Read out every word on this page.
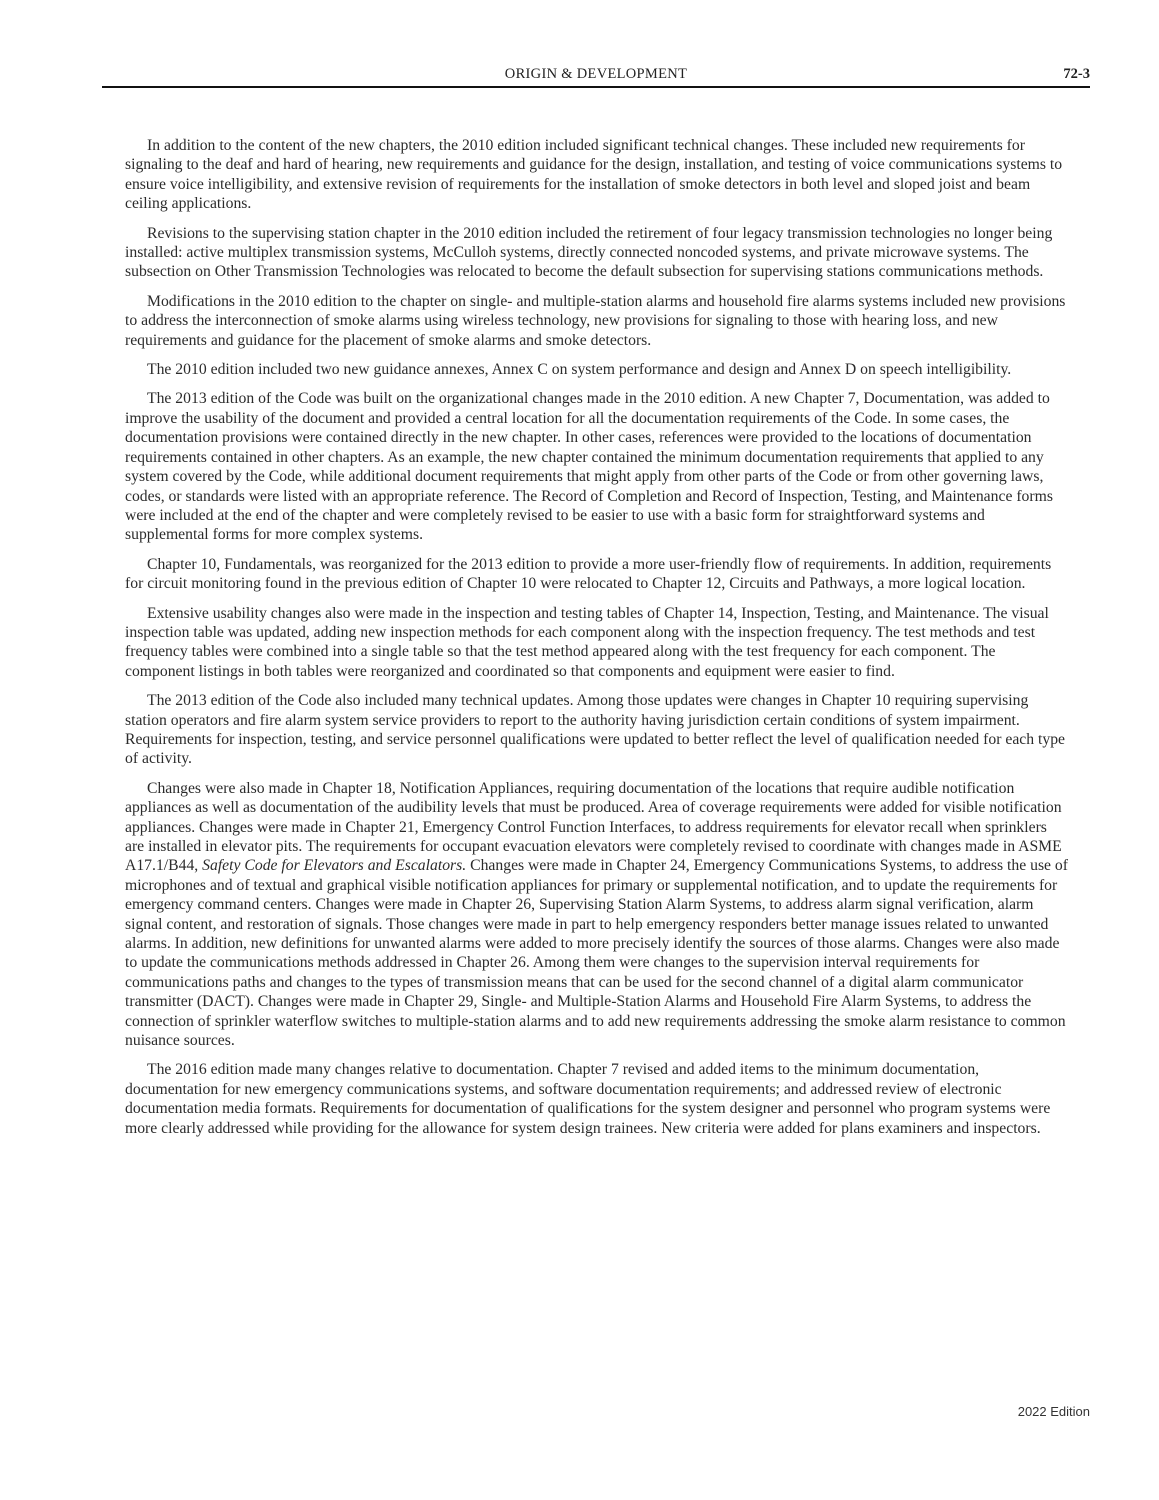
ORIGIN & DEVELOPMENT	72-3

In addition to the content of the new chapters, the 2010 edition included significant technical changes. These included new requirements for signaling to the deaf and hard of hearing, new requirements and guidance for the design, installation, and testing of voice communications systems to ensure voice intelligibility, and extensive revision of requirements for the installation of smoke detectors in both level and sloped joist and beam ceiling applications.

Revisions to the supervising station chapter in the 2010 edition included the retirement of four legacy transmission technologies no longer being installed: active multiplex transmission systems, McCulloh systems, directly connected noncoded systems, and private microwave systems. The subsection on Other Transmission Technologies was relocated to become the default subsection for supervising stations communications methods.

Modifications in the 2010 edition to the chapter on single- and multiple-station alarms and household fire alarms systems included new provisions to address the interconnection of smoke alarms using wireless technology, new provisions for signaling to those with hearing loss, and new requirements and guidance for the placement of smoke alarms and smoke detectors.

The 2010 edition included two new guidance annexes, Annex C on system performance and design and Annex D on speech intelligibility.

The 2013 edition of the Code was built on the organizational changes made in the 2010 edition. A new Chapter 7, Documentation, was added to improve the usability of the document and provided a central location for all the documentation requirements of the Code. In some cases, the documentation provisions were contained directly in the new chapter. In other cases, references were provided to the locations of documentation requirements contained in other chapters. As an example, the new chapter contained the minimum documentation requirements that applied to any system covered by the Code, while additional document requirements that might apply from other parts of the Code or from other governing laws, codes, or standards were listed with an appropriate reference. The Record of Completion and Record of Inspection, Testing, and Maintenance forms were included at the end of the chapter and were completely revised to be easier to use with a basic form for straightforward systems and supplemental forms for more complex systems.

Chapter 10, Fundamentals, was reorganized for the 2013 edition to provide a more user-friendly flow of requirements. In addition, requirements for circuit monitoring found in the previous edition of Chapter 10 were relocated to Chapter 12, Circuits and Pathways, a more logical location.

Extensive usability changes also were made in the inspection and testing tables of Chapter 14, Inspection, Testing, and Maintenance. The visual inspection table was updated, adding new inspection methods for each component along with the inspection frequency. The test methods and test frequency tables were combined into a single table so that the test method appeared along with the test frequency for each component. The component listings in both tables were reorganized and coordinated so that components and equipment were easier to find.

The 2013 edition of the Code also included many technical updates. Among those updates were changes in Chapter 10 requiring supervising station operators and fire alarm system service providers to report to the authority having jurisdiction certain conditions of system impairment. Requirements for inspection, testing, and service personnel qualifications were updated to better reflect the level of qualification needed for each type of activity.

Changes were also made in Chapter 18, Notification Appliances, requiring documentation of the locations that require audible notification appliances as well as documentation of the audibility levels that must be produced. Area of coverage requirements were added for visible notification appliances. Changes were made in Chapter 21, Emergency Control Function Interfaces, to address requirements for elevator recall when sprinklers are installed in elevator pits. The requirements for occupant evacuation elevators were completely revised to coordinate with changes made in ASME A17.1/B44, Safety Code for Elevators and Escalators. Changes were made in Chapter 24, Emergency Communications Systems, to address the use of microphones and of textual and graphical visible notification appliances for primary or supplemental notification, and to update the requirements for emergency command centers. Changes were made in Chapter 26, Supervising Station Alarm Systems, to address alarm signal verification, alarm signal content, and restoration of signals. Those changes were made in part to help emergency responders better manage issues related to unwanted alarms. In addition, new definitions for unwanted alarms were added to more precisely identify the sources of those alarms. Changes were also made to update the communications methods addressed in Chapter 26. Among them were changes to the supervision interval requirements for communications paths and changes to the types of transmission means that can be used for the second channel of a digital alarm communicator transmitter (DACT). Changes were made in Chapter 29, Single- and Multiple-Station Alarms and Household Fire Alarm Systems, to address the connection of sprinkler waterflow switches to multiple-station alarms and to add new requirements addressing the smoke alarm resistance to common nuisance sources.

The 2016 edition made many changes relative to documentation. Chapter 7 revised and added items to the minimum documentation, documentation for new emergency communications systems, and software documentation requirements; and addressed review of electronic documentation media formats. Requirements for documentation of qualifications for the system designer and personnel who program systems were more clearly addressed while providing for the allowance for system design trainees. New criteria were added for plans examiners and inspectors.

2022 Edition
